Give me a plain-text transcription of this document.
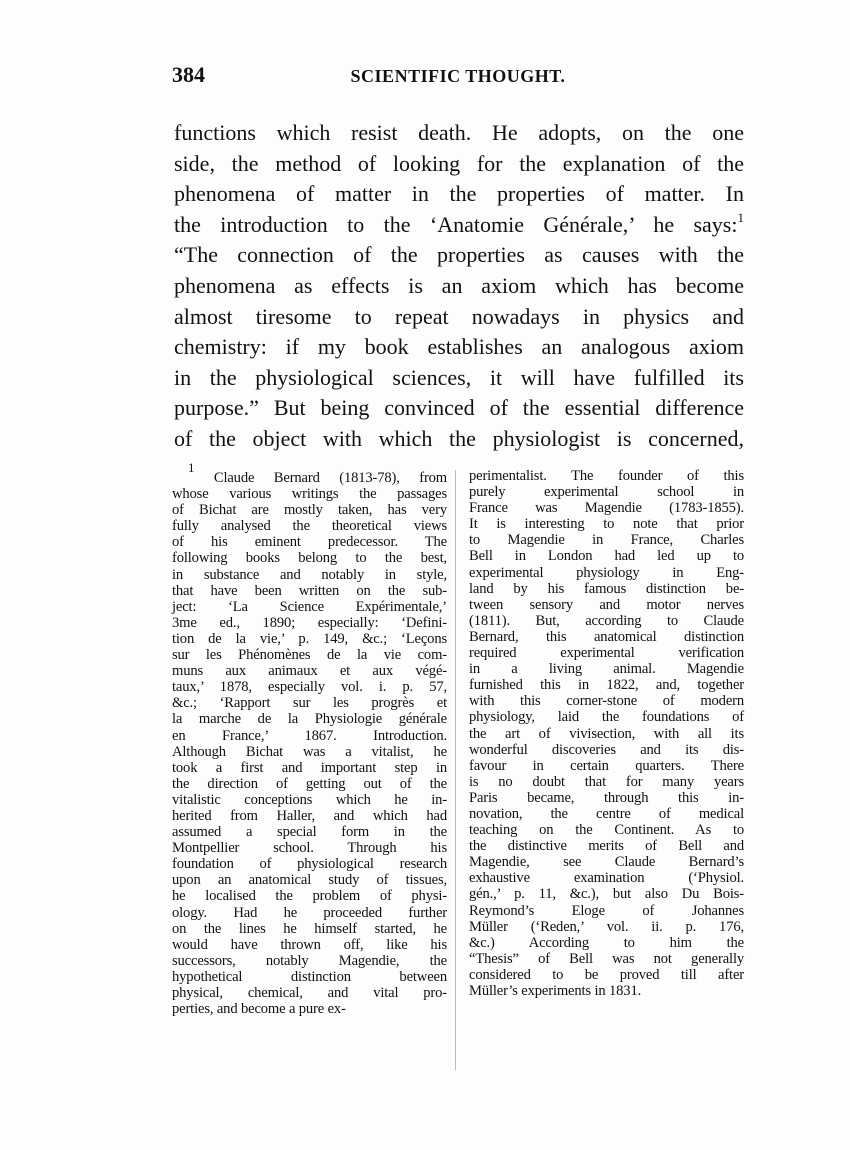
384	SCIENTIFIC THOUGHT.
functions which resist death. He adopts, on the one
side, the method of looking for the explanation of the
phenomena of matter in the properties of matter. In
the introduction to the ‘Anatomie Générale,’ he says:$^1$
“The connection of the properties as causes with the
phenomena as effects is an axiom which has become
almost tiresome to repeat nowadays in physics and
chemistry: if my book establishes an analogous axiom
in the physiological sciences, it will have fulfilled its
purpose.” But being convinced of the essential difference
of the object with which the physiologist is concerned,
$^1$ Claude Bernard (1813-78), from
whose various writings the passages
of Bichat are mostly taken, has very
fully analysed the theoretical views
of his eminent predecessor. The
following books belong to the best,
in substance and notably in style,
that have been written on the sub-
ject: ‘La Science Expérimentale,’
3me ed., 1890; especially: ‘Defini-
tion de la vie,’ p. 149, &c.; ‘Leçons
sur les Phénomènes de la vie com-
muns aux animaux et aux végé-
taux,’ 1878, especially vol. i. p. 57,
&c.; ‘Rapport sur les progrès et
la marche de la Physiologie générale
en France,’ 1867. Introduction.
Although Bichat was a vitalist, he
took a first and important step in
the direction of getting out of the
vitalistic conceptions which he in-
herited from Haller, and which had
assumed a special form in the
Montpellier school. Through his
foundation of physiological research
upon an anatomical study of tissues,
he localised the problem of physi-
ology. Had he proceeded further
on the lines he himself started, he
would have thrown off, like his
successors, notably Magendie, the
hypothetical distinction between
physical, chemical, and vital pro-
perties, and become a pure ex-
perimentalist. The founder of this
purely experimental school in
France was Magendie (1783-1855).
It is interesting to note that prior
to Magendie in France, Charles
Bell in London had led up to
experimental physiology in Eng-
land by his famous distinction be-
tween sensory and motor nerves
(1811). But, according to Claude
Bernard, this anatomical distinction
required experimental verification
in a living animal. Magendie
furnished this in 1822, and, together
with this corner-stone of modern
physiology, laid the foundations of
the art of vivisection, with all its
wonderful discoveries and its dis-
favour in certain quarters. There
is no doubt that for many years
Paris became, through this in-
novation, the centre of medical
teaching on the Continent. As to
the distinctive merits of Bell and
Magendie, see Claude Bernard’s
exhaustive examination (‘Physiol.
gén.,’ p. 11, &c.), but also Du Bois-
Reymond’s Eloge of Johannes
Müller (‘Reden,’ vol. ii. p. 176,
&c.) According to him the
“Thesis” of Bell was not generally
considered to be proved till after
Müller’s experiments in 1831.
